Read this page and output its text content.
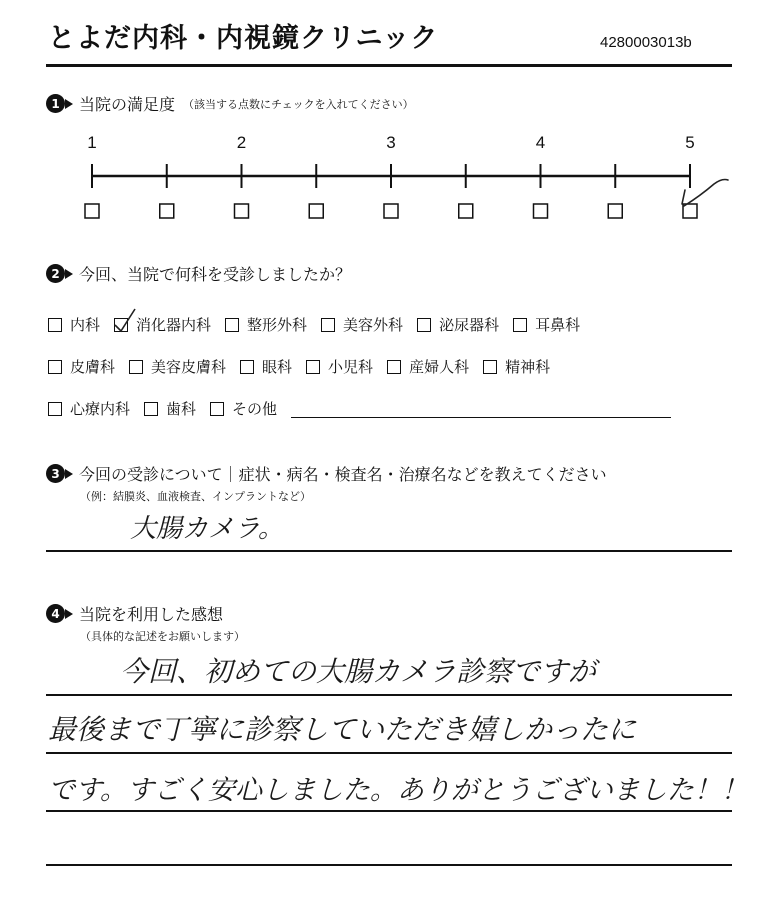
とよだ内科・内視鏡クリニック	4280003013b
1	当院の満足度 （該当する点数にチェックを入れてください）
1	2	3	4	5
2	今回、当院で何科を受診しましたか？
内科 消化器内科 整形外科 美容外科 泌尿器科 耳鼻科
皮膚科 美容皮膚科 眼科 小児科 産婦人科 精神科
心療内科 歯科 その他
3	今回の受診について｜症状・病名・検査名・治療名などを教えてください
（例：結膜炎、血液検査、インプラントなど）
大腸カメラ。
4	当院を利用した感想
（具体的な記述をお願いします）
今回、初めての大腸カメラ診察ですが
最後まで丁寧に診察していただき嬉しかったに
です。すごく安心しました。ありがとうございました！！
